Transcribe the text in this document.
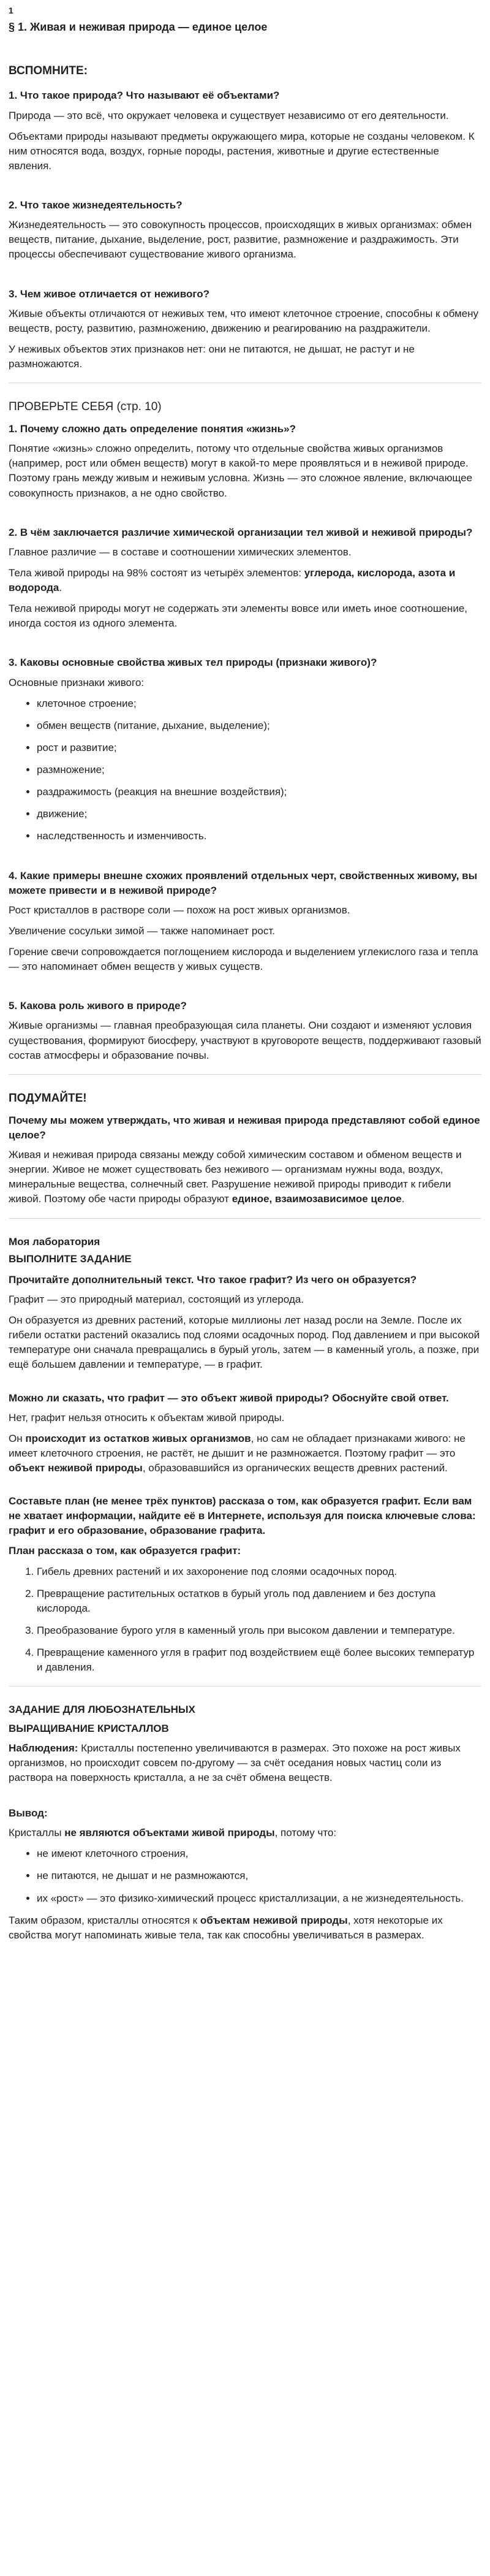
1
§ 1. Живая и неживая природа — единое целое
ВСПОМНИТЕ:
1. Что такое природа? Что называют её объектами?

Природа — это всё, что окружает человека и существует независимо от его деятельности.

Объектами природы называют предметы окружающего мира, которые не созданы человеком. К ним относятся вода, воздух, горные породы, растения, животные и другие естественные явления.

2. Что такое жизнедеятельность?

Жизнедеятельность — это совокупность процессов, происходящих в живых организмах: обмен веществ, питание, дыхание, выделение, рост, развитие, размножение и раздражимость. Эти процессы обеспечивают существование живого организма.

3. Чем живое отличается от неживого?

Живые объекты отличаются от неживых тем, что имеют клеточное строение, способны к обмену веществ, росту, развитию, размножению, движению и реагированию на раздражители.

У неживых объектов этих признаков нет: они не питаются, не дышат, не растут и не размножаются.

ПРОВЕРЬТЕ СЕБЯ (стр. 10)
1. Почему сложно дать определение понятия «жизнь»?

Понятие «жизнь» сложно определить, потому что отдельные свойства живых организмов (например, рост или обмен веществ) могут в какой-то мере проявляться и в неживой природе. Поэтому грань между живым и неживым условна. Жизнь — это сложное явление, включающее совокупность признаков, а не одно свойство.

2. В чём заключается различие химической организации тел живой и неживой природы?

Главное различие — в составе и соотношении химических элементов.

Тела живой природы на 98% состоят из четырёх элементов: углерода, кислорода, азота и водорода.

Тела неживой природы могут не содержать эти элементы вовсе или иметь иное соотношение, иногда состоя из одного элемента.

3. Каковы основные свойства живых тел природы (признаки живого)?

Основные признаки живого:

• клеточное строение;
• обмен веществ (питание, дыхание, выделение);
• рост и развитие;
• размножение;
• раздражимость (реакция на внешние воздействия);
• движение;
• наследственность и изменчивость.
4. Какие примеры внешне схожих проявлений отдельных черт, свойственных живому, вы можете привести и в неживой природе?

Рост кристаллов в растворе соли — похож на рост живых организмов.

Увеличение сосульки зимой — также напоминает рост.

Горение свечи сопровождается поглощением кислорода и выделением углекислого газа и тепла — это напоминает обмен веществ у живых существ.

5. Какова роль живого в природе?

Живые организмы — главная преобразующая сила планеты. Они создают и изменяют условия существования, формируют биосферу, участвуют в круговороте веществ, поддерживают газовый состав атмосферы и образование почвы.

ПОДУМАЙТЕ!
Почему мы можем утверждать, что живая и неживая природа представляют собой единое целое?

Живая и неживая природа связаны между собой химическим составом и обменом веществ и энергии. Живое не может существовать без неживого — организмам нужны вода, воздух, минеральные вещества, солнечный свет. Разрушение неживой природы приводит к гибели живой. Поэтому обе части природы образуют единое, взаимозависимое целое.

Моя лаборатория
ВЫПОЛНИТЕ ЗАДАНИЕ
Прочитайте дополнительный текст. Что такое графит? Из чего он образуется?

Графит — это природный материал, состоящий из углерода.

Он образуется из древних растений, которые миллионы лет назад росли на Земле. После их гибели остатки растений оказались под слоями осадочных пород. Под давлением и при высокой температуре они сначала превращались в бурый уголь, затем — в каменный уголь, а позже, при ещё большем давлении и температуре, — в графит.

Можно ли сказать, что графит — это объект живой природы? Обоснуйте свой ответ.

Нет, графит нельзя относить к объектам живой природы.

Он происходит из остатков живых организмов, но сам не обладает признаками живого: не имеет клеточного строения, не растёт, не дышит и не размножается. Поэтому графит — это объект неживой природы, образовавшийся из органических веществ древних растений.

Составьте план (не менее трёх пунктов) рассказа о том, как образуется графит. Если вам не хватает информации, найдите её в Интернете, используя для поиска ключевые слова: графит и его образование, образование графита.

План рассказа о том, как образуется графит:

1. Гибель древних растений и их захоронение под слоями осадочных пород.
2. Превращение растительных остатков в бурый уголь под давлением и без доступа кислорода.
3. Преобразование бурого угля в каменный уголь при высоком давлении и температуре.
4. Превращение каменного угля в графит под воздействием ещё более высоких температур и давления.
ЗАДАНИЕ ДЛЯ ЛЮБОЗНАТЕЛЬНЫХ
ВЫРАЩИВАНИЕ КРИСТАЛЛОВ

Наблюдения: Кристаллы постепенно увеличиваются в размерах. Это похоже на рост живых организмов, но происходит совсем по-другому — за счёт оседания новых частиц соли из раствора на поверхность кристалла, а не за счёт обмена веществ.

Вывод:

Кристаллы не являются объектами живой природы, потому что:

• не имеют клеточного строения,
• не питаются, не дышат и не размножаются,
• их «рост» — это физико-химический процесс кристаллизации, а не жизнедеятельность.

Таким образом, кристаллы относятся к объектам неживой природы, хотя некоторые их свойства могут напоминать живые тела, так как способны увеличиваться в размерах.
